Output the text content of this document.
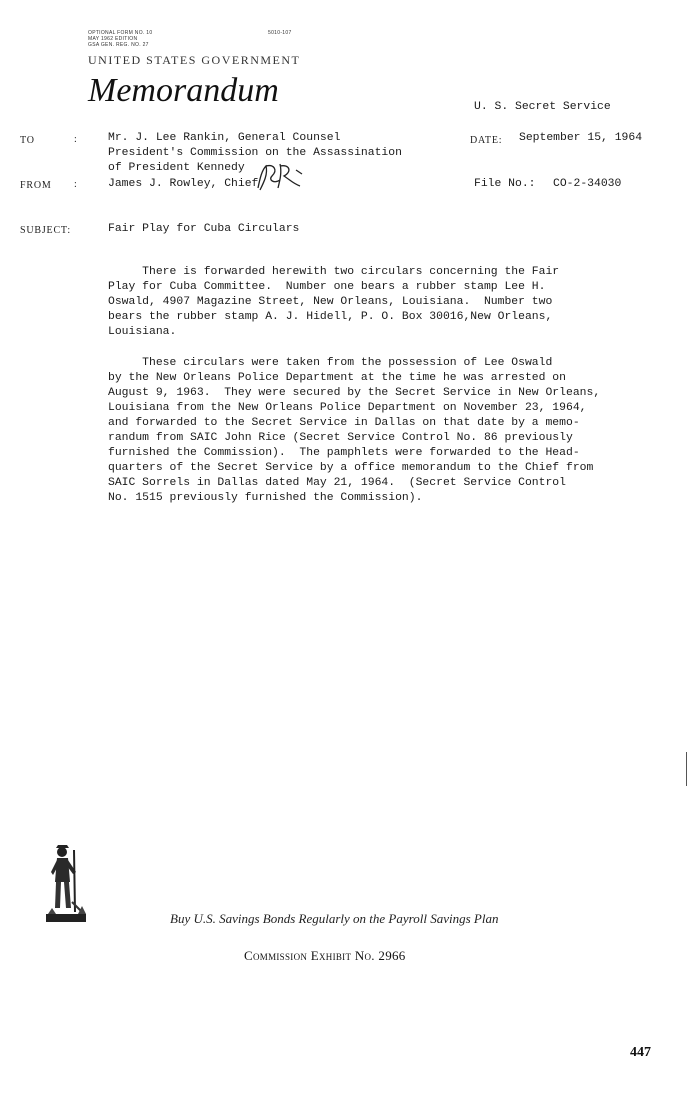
OPTIONAL FORM NO. 10	5010-107
MAY 1962 EDITION
GSA GEN. REG. NO. 27
UNITED STATES GOVERNMENT
Memorandum	U. S. Secret Service
TO	:	Mr. J. Lee Rankin, General Counsel
President's Commission on the Assassination
of President Kennedy
DATE: September 15, 1964
FROM :	James J. Rowley, Chief	File No.: CO-2-34030
SUBJECT:	Fair Play for Cuba Circulars
There is forwarded herewith two circulars concerning the Fair
Play for Cuba Committee.  Number one bears a rubber stamp Lee H.
Oswald, 4907 Magazine Street, New Orleans, Louisiana.  Number two
bears the rubber stamp A. J. Hidell, P. O. Box 30016,New Orleans,
Louisiana.
These circulars were taken from the possession of Lee Oswald
by the New Orleans Police Department at the time he was arrested on
August 9, 1963.  They were secured by the Secret Service in New Orleans,
Louisiana from the New Orleans Police Department on November 23, 1964,
and forwarded to the Secret Service in Dallas on that date by a memo-
randum from SAIC John Rice (Secret Service Control No. 86 previously
furnished the Commission).  The pamphlets were forwarded to the Head-
quarters of the Secret Service by a office memorandum to the Chief from
SAIC Sorrels in Dallas dated May 21, 1964.  (Secret Service Control
No. 1515 previously furnished the Commission).
Buy U.S. Savings Bonds Regularly on the Payroll Savings Plan
Commission Exhibit No. 2966
447
